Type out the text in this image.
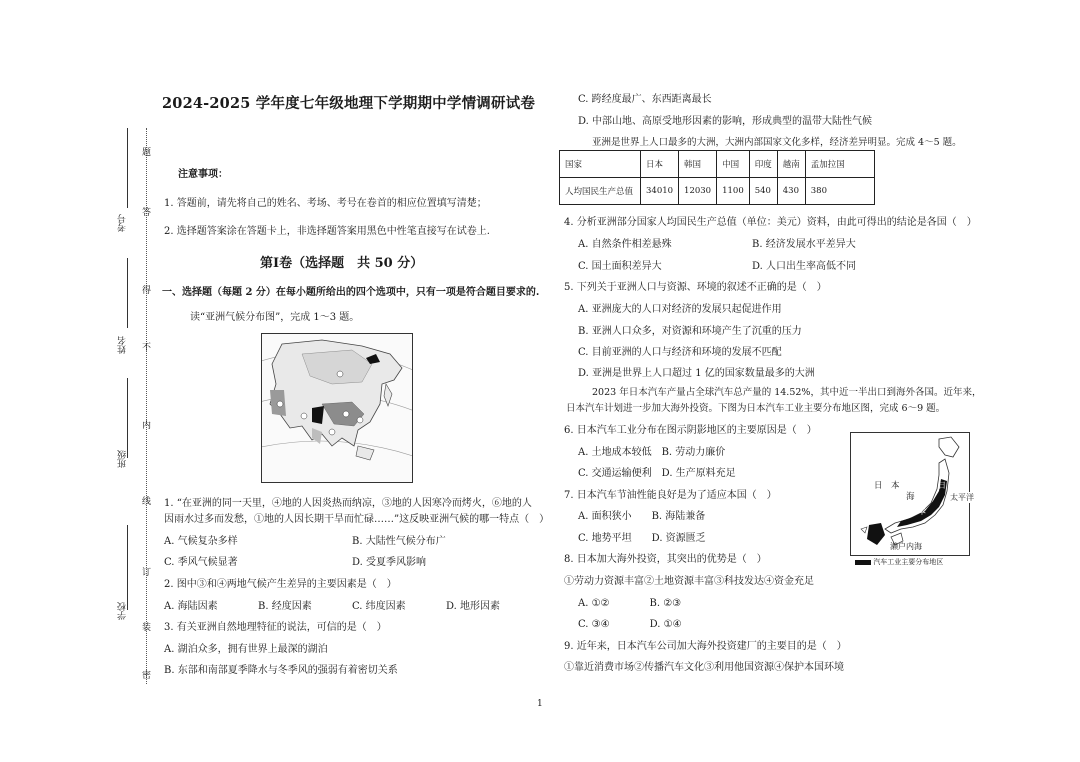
题
答
得
不
内
线
订
装
密
学校
班级
姓名
考号
2024-2025 学年度七年级地理下学期期中学情调研试卷
注意事项：
1. 答题前，请先将自己的姓名、考场、考号在卷首的相应位置填写清楚；
2. 选择题答案涂在答题卡上，非选择题答案用黑色中性笔直接写在试卷上.
第Ⅰ卷（选择题　共 50 分）
一、选择题（每题 2 分）在每小题所给出的四个选项中，只有一项是符合题目要求的.
读“亚洲气候分布图”，完成 1～3 题。
1. “在亚洲的同一天里，④地的人因炎热而纳凉，③地的人因寒冷而烤火，⑥地的人
因雨水过多而发愁，①地的人因长期干旱而忙碌……”这反映亚洲气候的哪一特点（　）
A. 气候复杂多样	B. 大陆性气候分布广
C. 季风气候显著	D. 受夏季风影响
2. 图中③和④两地气候产生差异的主要因素是（　）
A. 海陆因素	B. 经度因素	C. 纬度因素	D. 地形因素
3. 有关亚洲自然地理特征的说法，可信的是（　）
A. 湖泊众多，拥有世界上最深的湖泊
B. 东部和南部夏季降水与冬季风的强弱有着密切关系
C. 跨经度最广、东西距离最长
D. 中部山地、高原受地形因素的影响，形成典型的温带大陆性气候
亚洲是世界上人口最多的大洲，大洲内部国家文化多样，经济差异明显。完成 4～5 题。
国家	日本	韩国	中国	印度	越南	孟加拉国
人均国民生产总值	34010	12030	1100	540	430	380
4. 分析亚洲部分国家人均国民生产总值（单位：美元）资料，由此可得出的结论是各国（　）
A. 自然条件相差悬殊	B. 经济发展水平差异大
C. 国土面积差异大	D. 人口出生率高低不同
5. 下列关于亚洲人口与资源、环境的叙述不正确的是（　）
A. 亚洲庞大的人口对经济的发展只起促进作用
B. 亚洲人口众多，对资源和环境产生了沉重的压力
C. 目前亚洲的人口与经济和环境的发展不匹配
D. 亚洲是世界上人口超过 1 亿的国家数量最多的大洲
2023 年日本汽车产量占全球汽车总产量的 14.52%，其中近一半出口到海外各国。近年来，
日本汽车计划进一步加大海外投资。下图为日本汽车工业主要分布地区图，完成 6～9 题。
6. 日本汽车工业分布在图示阴影地区的主要原因是（　）
A. 土地成本较低　B. 劳动力廉价
C. 交通运输便利　D. 生产原料充足
7. 日本汽车节油性能良好是为了适应本国（　）
A. 面积狭小　　B. 海陆兼备
C. 地势平坦　　D. 资源匮乏
8. 日本加大海外投资，其突出的优势是（　）
①劳动力资源丰富②土地资源丰富③科技发达④资金充足
A. ①②　　　　B. ②③
C. ③④　　　　D. ①④
9. 近年来，日本汽车公司加大海外投资建厂的主要目的是（　）
①靠近消费市场②传播汽车文化③利用他国资源④保护本国环境
日　本
海	太平洋
日
本
濑户内海
汽车工业主要分布地区
1
